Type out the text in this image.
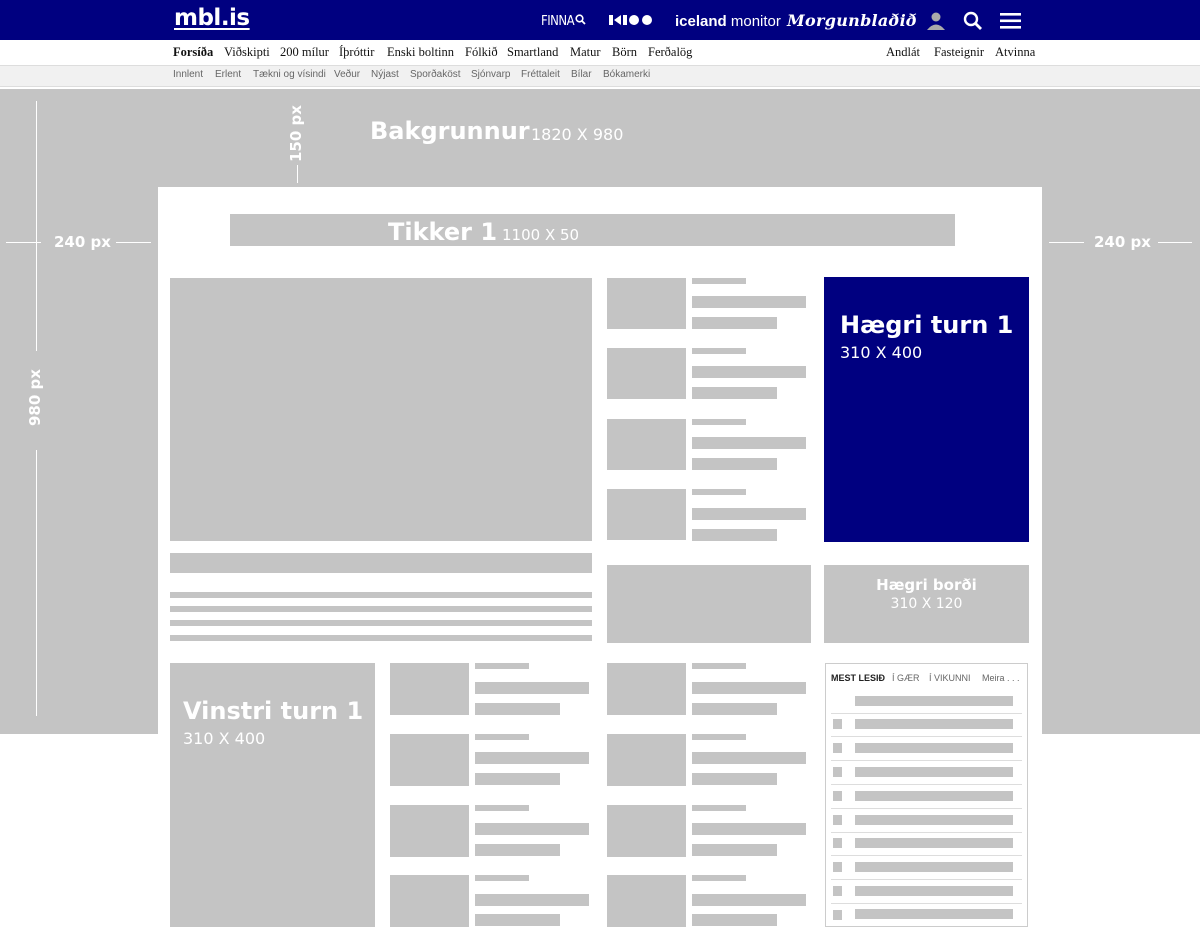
mbl.is	FINNA	iceland monitor Morgunblaðið
Forsíða Viðskipti 200 mílur Íþróttir Enski boltinn Fólkið Smartland Matur Börn Ferðalög	Andlát Fasteignir Atvinna
Innlent Erlent Tækni og vísindi Veður Nýjast Sporðaköst Sjónvarp Fréttaleit Bílar Bókamerki
Bakgrunnur 1820 X 980
150 px
240 px	240 px
980 px
Tikker 1 1100 X 50
Hægri turn 1
310 X 400
Hægri borði
310 X 120
Vinstri turn 1
310 X 400
MEST LESIÐ Í GÆR Í VIKUNNI Meira . . .
